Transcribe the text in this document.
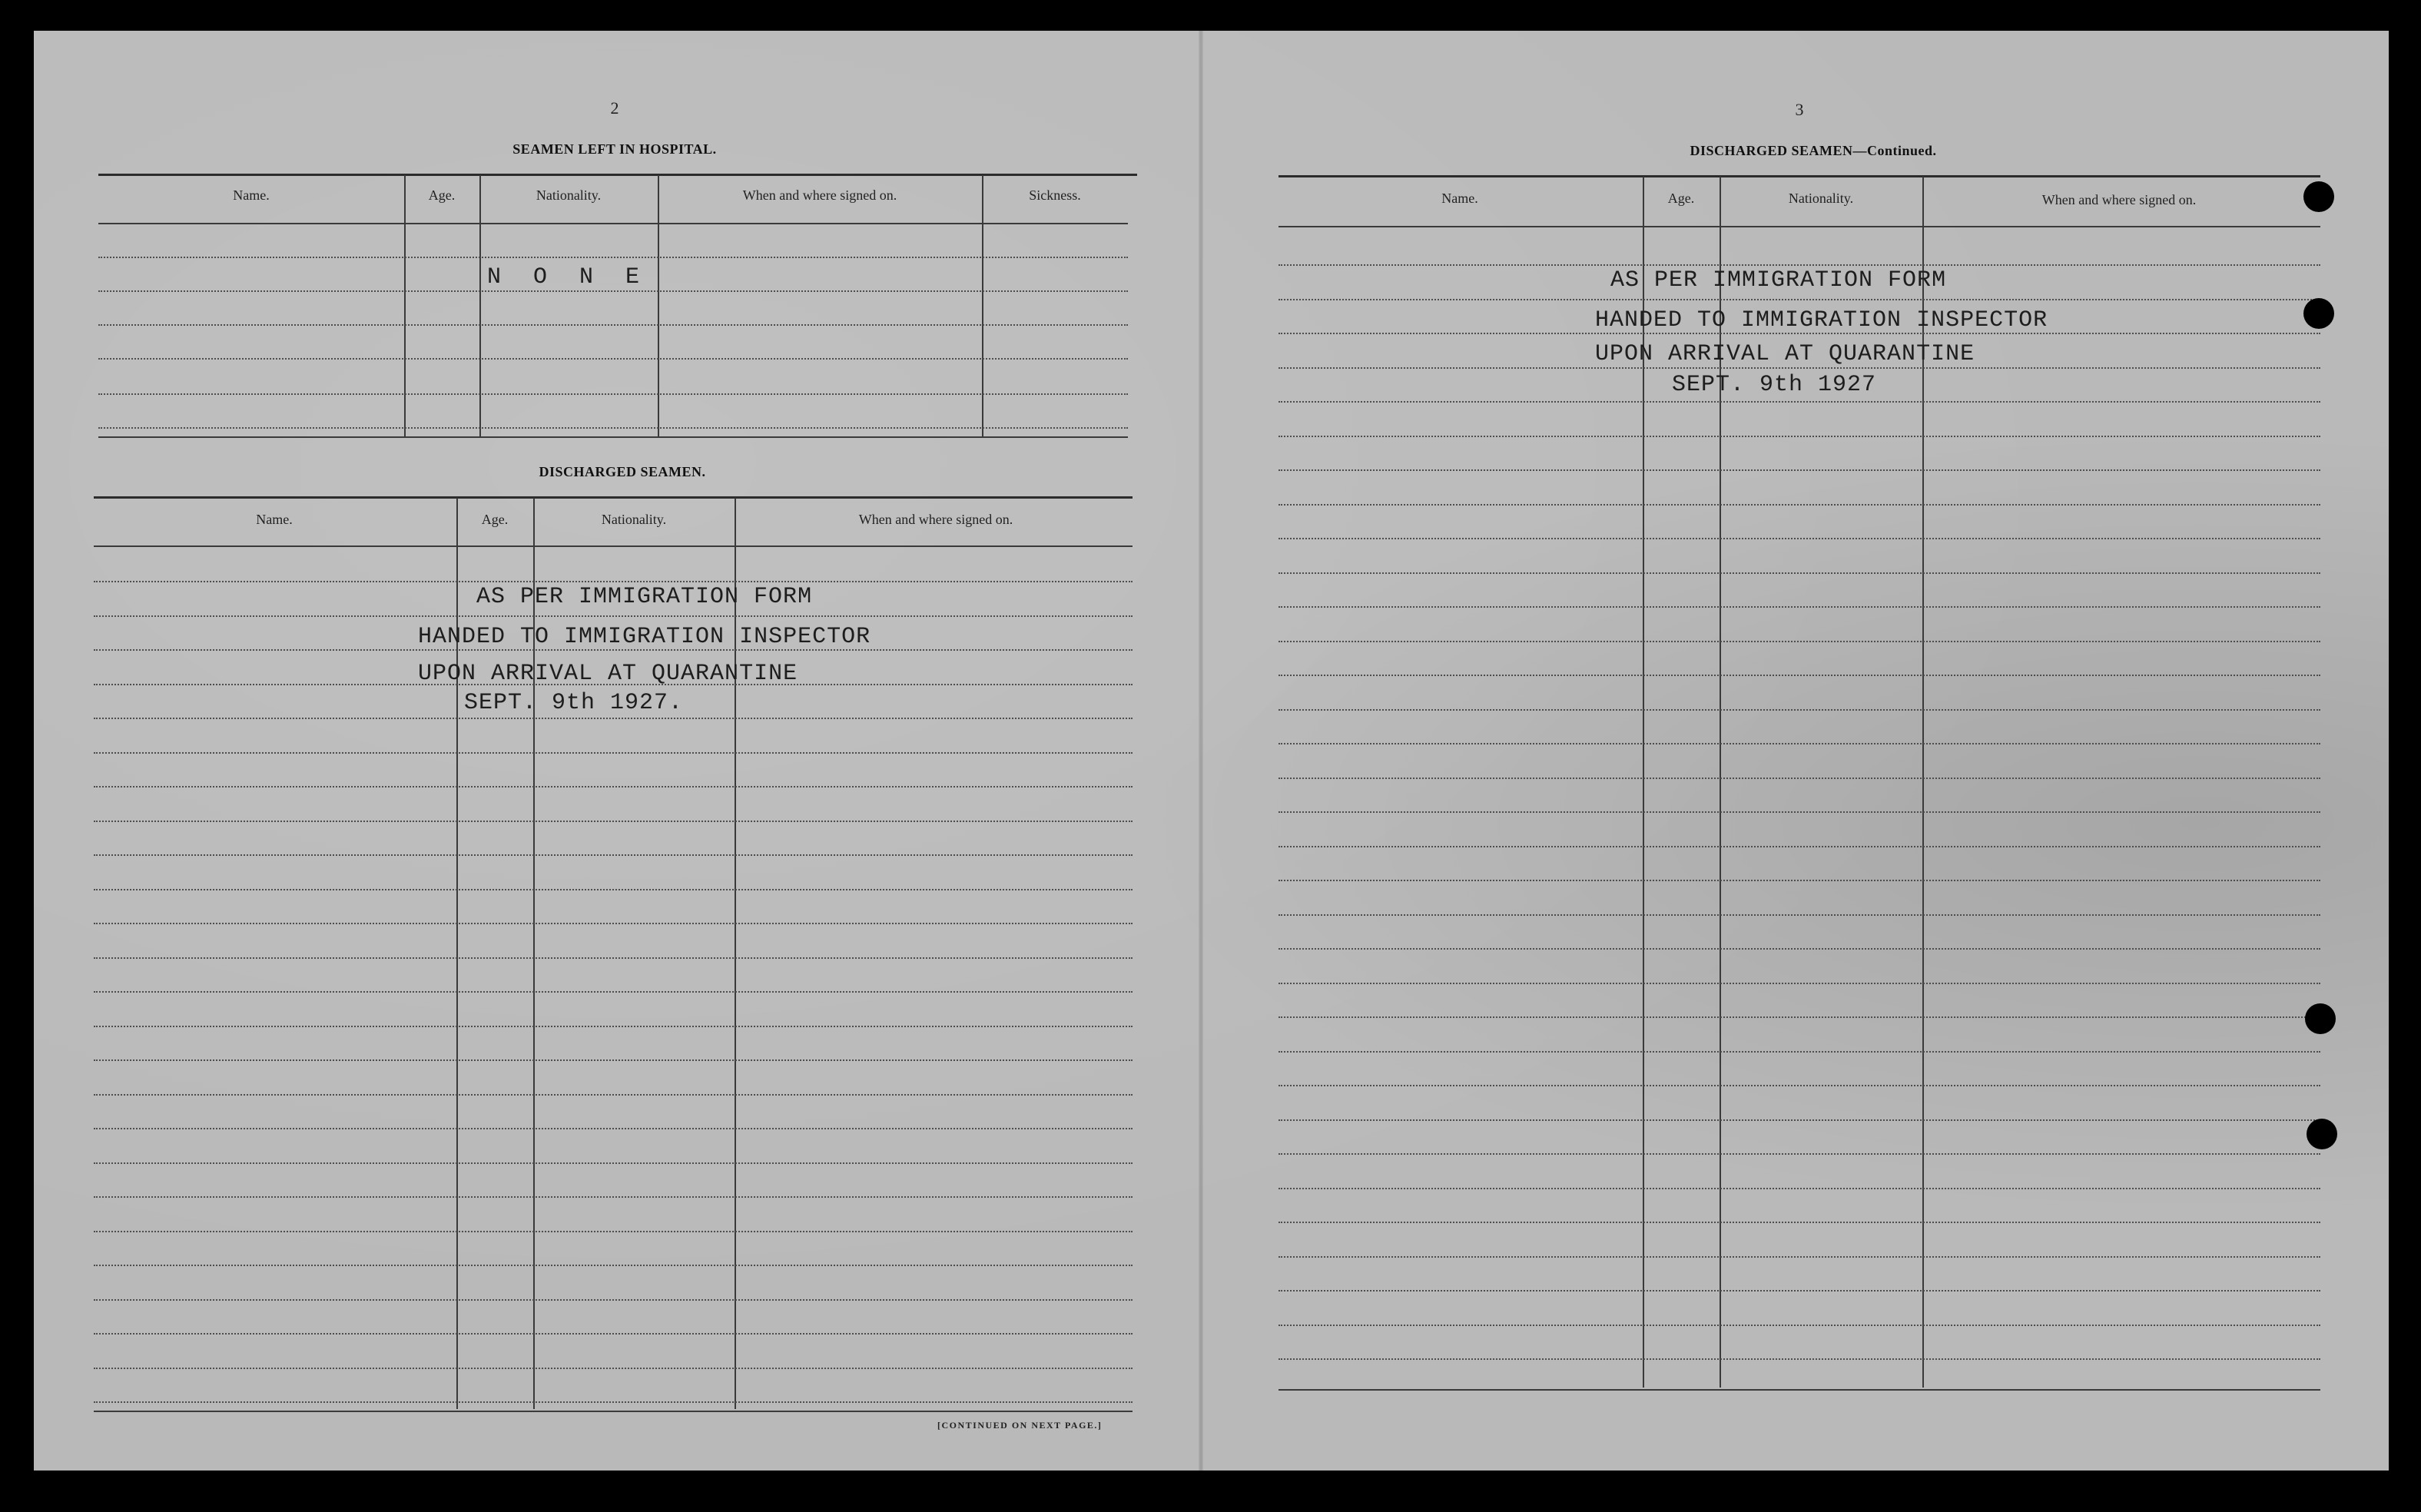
2
SEAMEN LEFT IN HOSPITAL.
Name.	Age.	Nationality.	When and where signed on.	Sickness.
N O N E
DISCHARGED SEAMEN.
Name.	Age.	Nationality.	When and where signed on.
AS PER IMMIGRATION FORM
HANDED TO IMMIGRATION INSPECTOR
UPON ARRIVAL AT QUARANTINE
SEPT. 9th 1927.
[CONTINUED ON NEXT PAGE.]
3
DISCHARGED SEAMEN—Continued.
Name.	Age.	Nationality.	When and where signed on.
AS PER IMMIGRATION FORM
HANDED TO IMMIGRATION INSPECTOR
UPON ARRIVAL AT QUARANTINE
SEPT. 9th 1927
